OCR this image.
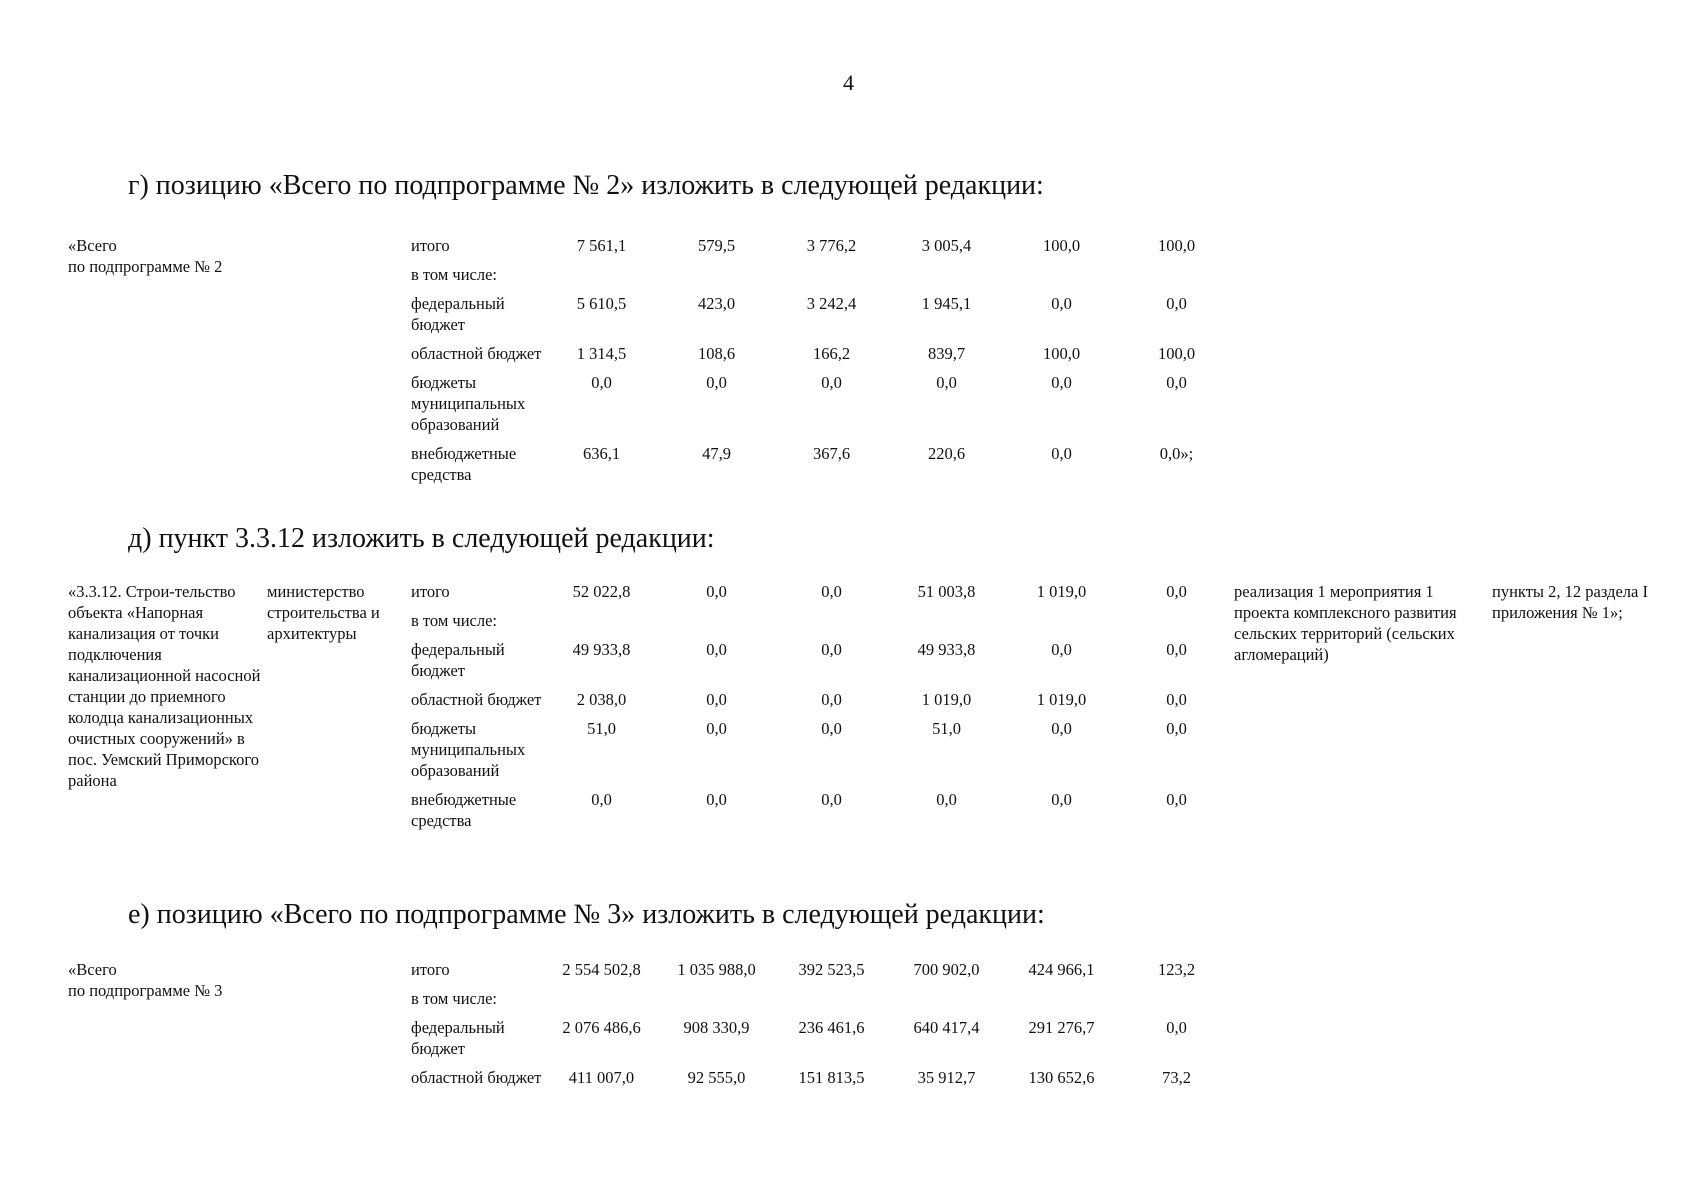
4
г) позицию «Всего по подпрограмме № 2» изложить в следующей редакции:
«Всего
по подпрограмме № 2		итого	7 561,1	579,5	3 776,2	3 005,4	100,0	100,0		
		в том числе:								
		федеральный бюджет	5 610,5	423,0	3 242,4	1 945,1	0,0	0,0		
		областной бюджет	1 314,5	108,6	166,2	839,7	100,0	100,0		
		бюджеты муниципальных образований	0,0	0,0	0,0	0,0	0,0	0,0		
		внебюджетные средства	636,1	47,9	367,6	220,6	0,0	0,0»;		
д) пункт 3.3.12 изложить в следующей редакции:
«3.3.12. Строи-тельство объекта «Напорная канализация от точки подключения канализационной насосной станции до приемного колодца канализационных очистных сооружений» в пос. Уемский Приморского района	министерство строительства и архитектуры	итого	52 022,8	0,0	0,0	51 003,8	1 019,0	0,0	реализация 1 мероприятия 1 проекта комплексного развития сельских территорий (сельских агломераций)	пункты 2, 12 раздела I приложения № 1»;
		в том числе:								
		федеральный бюджет	49 933,8	0,0	0,0	49 933,8	0,0	0,0		
		областной бюджет	2 038,0	0,0	0,0	1 019,0	1 019,0	0,0		
		бюджеты муниципальных образований	51,0	0,0	0,0	51,0	0,0	0,0		
		внебюджетные средства	0,0	0,0	0,0	0,0	0,0	0,0		
е) позицию «Всего по подпрограмме № 3» изложить в следующей редакции:
«Всего
по подпрограмме № 3		итого	2 554 502,8	1 035 988,0	392 523,5	700 902,0	424 966,1	123,2		
		в том числе:								
		федеральный бюджет	2 076 486,6	908 330,9	236 461,6	640 417,4	291 276,7	0,0		
		областной бюджет	411 007,0	92 555,0	151 813,5	35 912,7	130 652,6	73,2		
